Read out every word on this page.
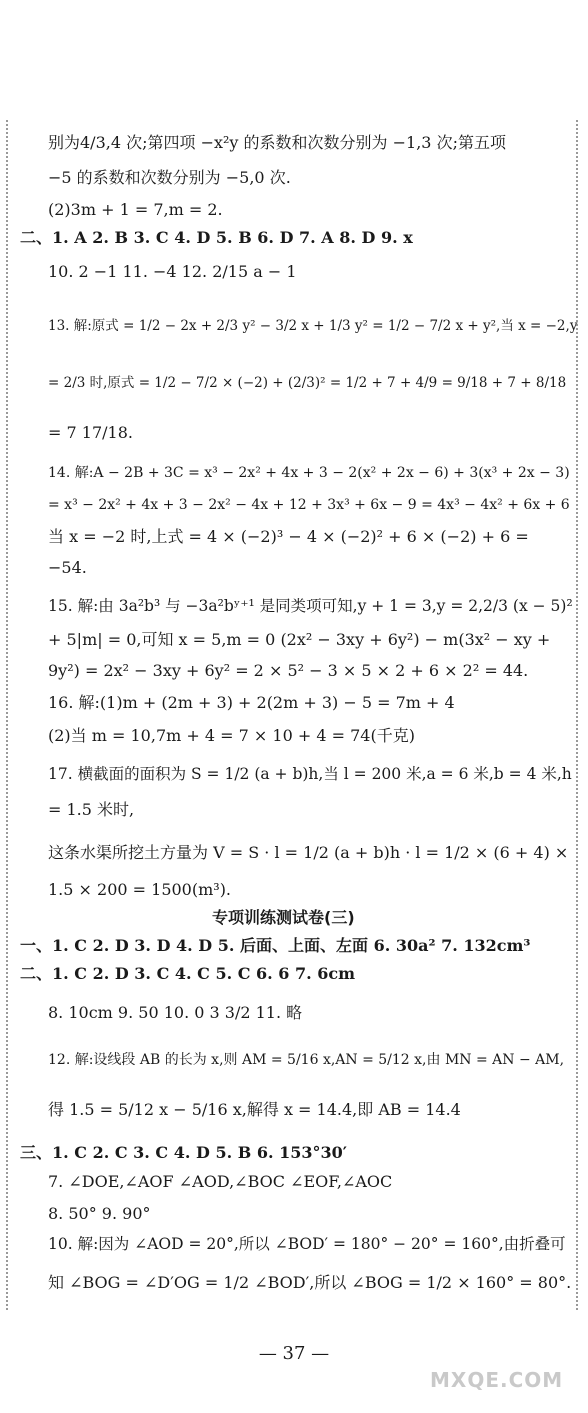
别为4/3,4 次;第四项 −x²y 的系数和次数分别为 −1,3 次;第五项
−5 的系数和次数分别为 −5,0 次.
(2)3m + 1 = 7,m = 2.
二、1. A 2. B 3. C 4. D 5. B 6. D 7. A 8. D 9. x
10. 2 −1 11. −4 12. 2/15 a − 1
13. 解:原式 = 1/2 − 2x + 2/3 y² − 3/2 x + 1/3 y² = 1/2 − 7/2 x + y²,当 x = −2,y
= 2/3 时,原式 = 1/2 − 7/2 × (−2) + (2/3)² = 1/2 + 7 + 4/9 = 9/18 + 7 + 8/18
= 7 17/18.
14. 解:A − 2B + 3C = x³ − 2x² + 4x + 3 − 2(x² + 2x − 6) + 3(x³ + 2x − 3)
= x³ − 2x² + 4x + 3 − 2x² − 4x + 12 + 3x³ + 6x − 9 = 4x³ − 4x² + 6x + 6
当 x = −2 时,上式 = 4 × (−2)³ − 4 × (−2)² + 6 × (−2) + 6 =
−54.
15. 解:由 3a²b³ 与 −3a²bʸ⁺¹ 是同类项可知,y + 1 = 3,y = 2,2/3 (x − 5)²
+ 5|m| = 0,可知 x = 5,m = 0 (2x² − 3xy + 6y²) − m(3x² − xy +
9y²) = 2x² − 3xy + 6y² = 2 × 5² − 3 × 5 × 2 + 6 × 2² = 44.
16. 解:(1)m + (2m + 3) + 2(2m + 3) − 5 = 7m + 4
(2)当 m = 10,7m + 4 = 7 × 10 + 4 = 74(千克)
17. 横截面的面积为 S = 1/2 (a + b)h,当 l = 200 米,a = 6 米,b = 4 米,h
= 1.5 米时,
这条水渠所挖土方量为 V = S · l = 1/2 (a + b)h · l = 1/2 × (6 + 4) ×
1.5 × 200 = 1500(m³).
专项训练测试卷(三)
一、1. C 2. D 3. D 4. D 5. 后面、上面、左面 6. 30a² 7. 132cm³
二、1. C 2. D 3. C 4. C 5. C 6. 6 7. 6cm
8. 10cm 9. 50 10. 0 3 3/2 11. 略
12. 解:设线段 AB 的长为 x,则 AM = 5/16 x,AN = 5/12 x,由 MN = AN − AM,
得 1.5 = 5/12 x − 5/16 x,解得 x = 14.4,即 AB = 14.4
三、1. C 2. C 3. C 4. D 5. B 6. 153°30′
7. ∠DOE,∠AOF ∠AOD,∠BOC ∠EOF,∠AOC
8. 50° 9. 90°
10. 解:因为 ∠AOD = 20°,所以 ∠BOD′ = 180° − 20° = 160°,由折叠可
知 ∠BOG = ∠D′OG = 1/2 ∠BOD′,所以 ∠BOG = 1/2 × 160° = 80°.
— 37 —
MXQE.COM
